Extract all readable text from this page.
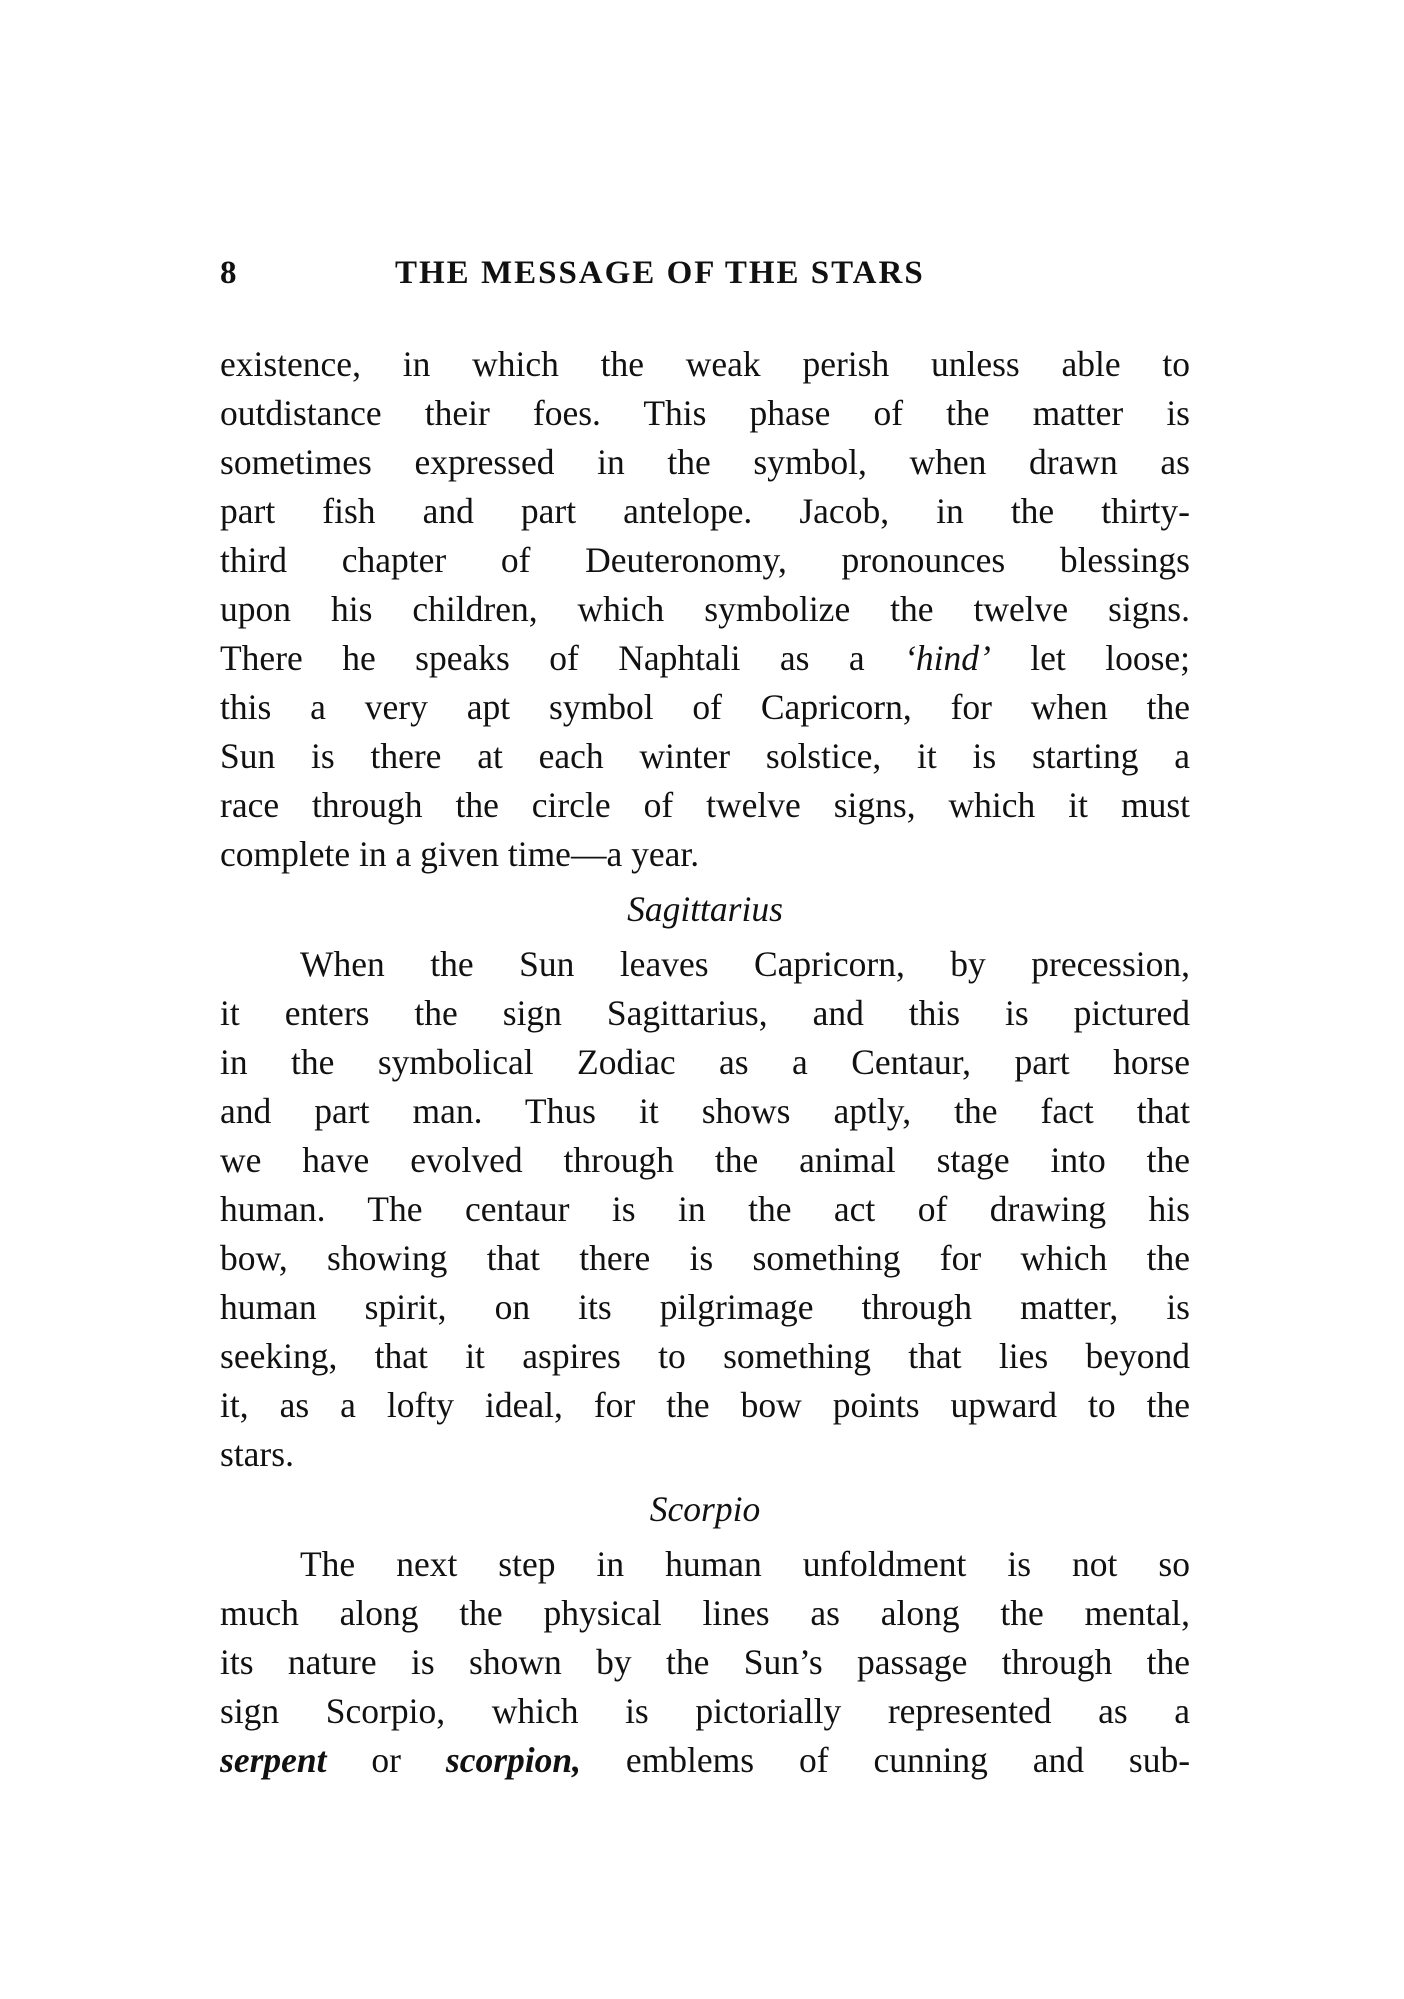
8	THE MESSAGE OF THE STARS
existence, in which the weak perish unless able to
outdistance their foes. This phase of the matter is
sometimes expressed in the symbol, when drawn as
part fish and part antelope. Jacob, in the thirty-
third chapter of Deuteronomy, pronounces blessings
upon his children, which symbolize the twelve signs.
There he speaks of Naphtali as a ‘hind’ let loose;
this a very apt symbol of Capricorn, for when the
Sun is there at each winter solstice, it is starting a
race through the circle of twelve signs, which it must
complete in a given time—a year.
Sagittarius
When the Sun leaves Capricorn, by precession,
it enters the sign Sagittarius, and this is pictured
in the symbolical Zodiac as a Centaur, part horse
and part man. Thus it shows aptly, the fact that
we have evolved through the animal stage into the
human. The centaur is in the act of drawing his
bow, showing that there is something for which the
human spirit, on its pilgrimage through matter, is
seeking, that it aspires to something that lies beyond
it, as a lofty ideal, for the bow points upward to the
stars.
Scorpio
The next step in human unfoldment is not so
much along the physical lines as along the mental,
its nature is shown by the Sun’s passage through the
sign Scorpio, which is pictorially represented as a
serpent or scorpion, emblems of cunning and sub-
